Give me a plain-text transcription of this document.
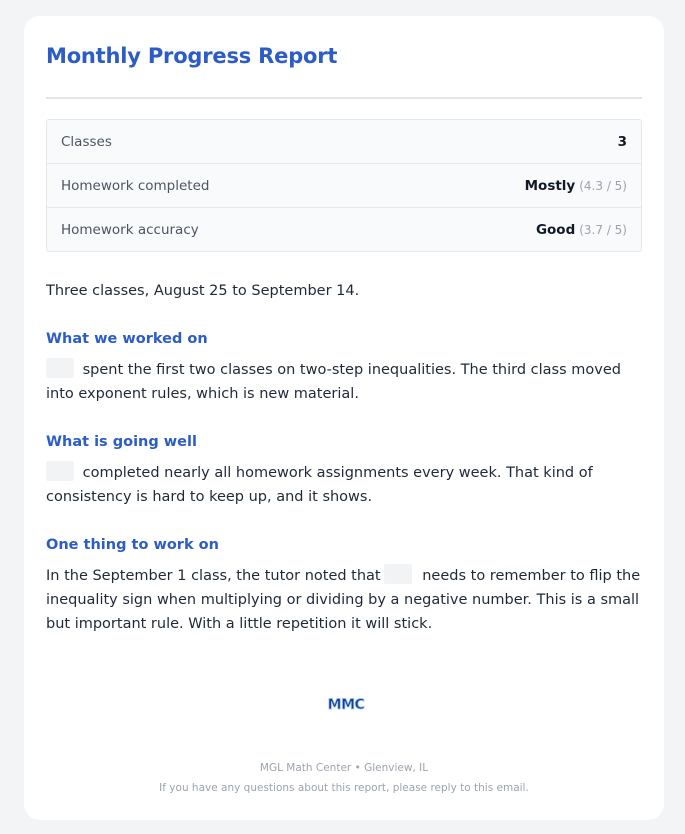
Monthly Progress Report
Classes	3
Homework completed	Mostly (4.3 / 5)
Homework accuracy	Good (3.7 / 5)

Three classes, August 25 to September 14.

What we worked on

spent the first two classes on two-step inequalities. The third class moved into exponent rules, which is new material.

What is going well

completed nearly all homework assignments every week. That kind of consistency is hard to keep up, and it shows.

One thing to work on

In the September 1 class, the tutor noted that	needs to remember to flip the inequality sign when multiplying or dividing by a negative number. This is a small but important rule. With a little repetition it will stick.

MMC
MGL Math Center • Glenview, IL
If you have any questions about this report, please reply to this email.
